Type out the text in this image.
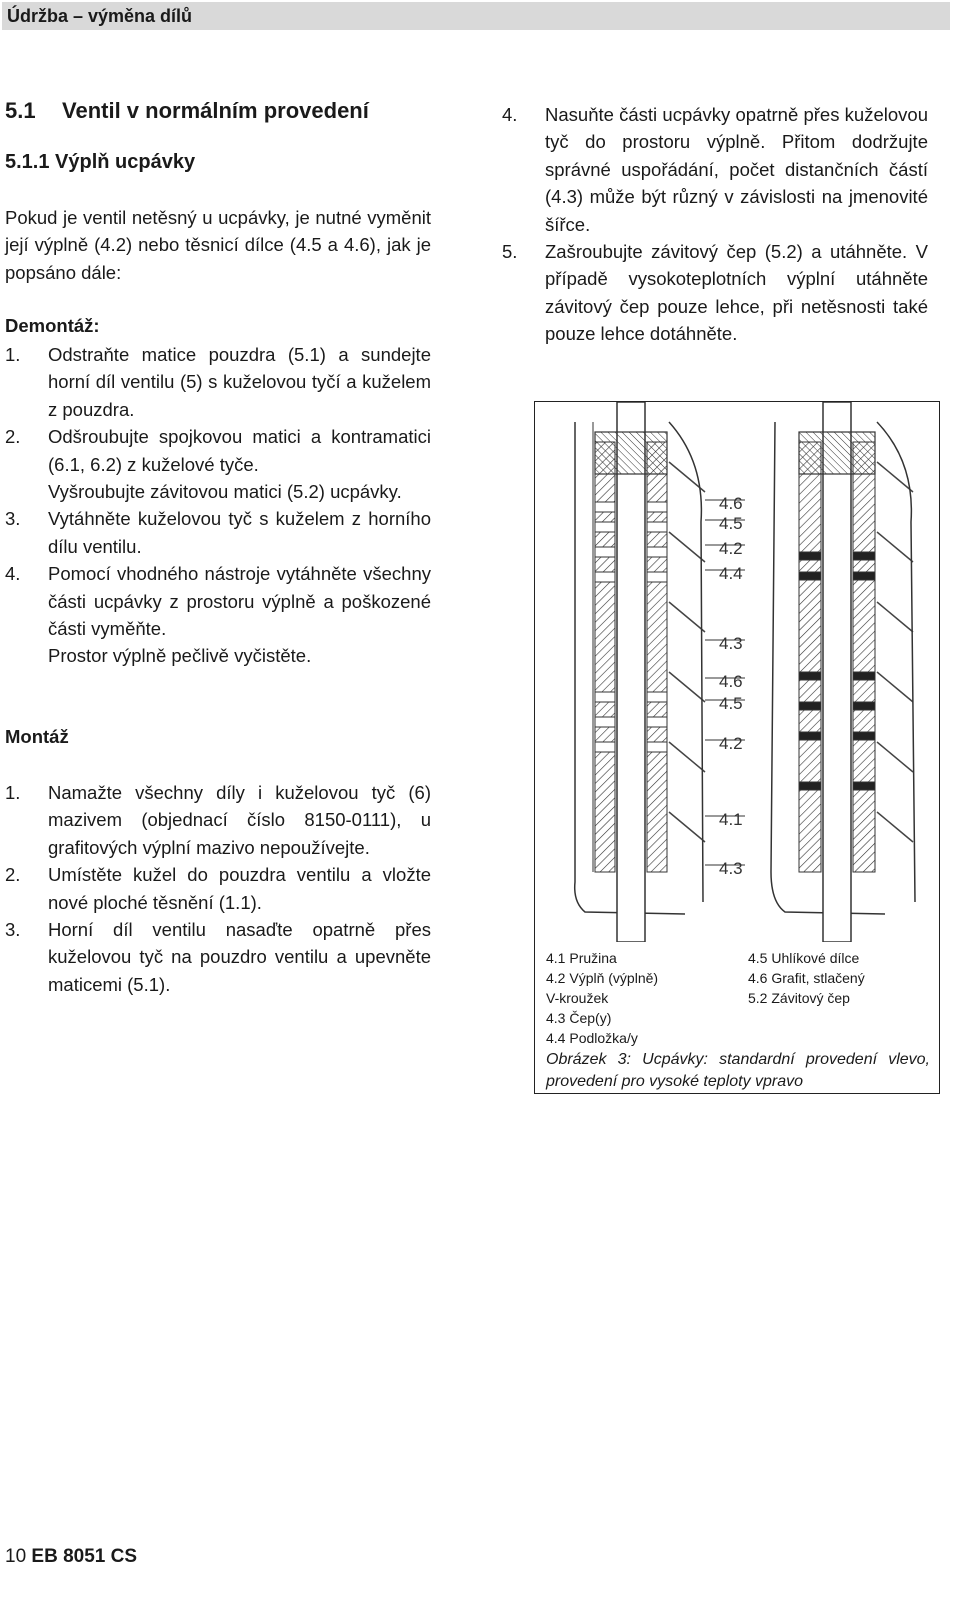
Údržba – výměna dílů
5.1 Ventil v normálním provedení
5.1.1 Výplň ucpávky
Pokud je ventil netěsný u ucpávky, je nutné vyměnit její výplně (4.2) nebo těsnicí dílce (4.5 a 4.6), jak je popsáno dále:
Demontáž:
1. Odstraňte matice pouzdra (5.1) a sundejte horní díl ventilu (5) s kuželovou tyčí a kuželem z pouzdra.
2. Odšroubujte spojkovou matici a kontramatici (6.1, 6.2) z kuželové tyče.
Vyšroubujte závitovou matici (5.2) ucpávky.
3. Vytáhněte kuželovou tyč s kuželem z horního dílu ventilu.
4. Pomocí vhodného nástroje vytáhněte všechny části ucpávky z prostoru výplně a poškozené části vyměňte.
Prostor výplně pečlivě vyčistěte.
Montáž
1. Namažte všechny díly i kuželovou tyč (6) mazivem (objednací číslo 8150-0111), u grafitových výplní mazivo nepoužívejte.
2. Umístěte kužel do pouzdra ventilu a vložte nové ploché těsnění (1.1).
3. Horní díl ventilu nasaďte opatrně přes kuželovou tyč na pouzdro ventilu a upevněte maticemi (5.1).
4. Nasuňte části ucpávky opatrně přes kuželovou tyč do prostoru výplně. Přitom dodržujte správné uspořádání, počet distančních částí (4.3) může být různý v závislosti na jmenovité šířce.
5. Zašroubujte závitový čep (5.2) a utáhněte. V případě vysokoteplotních výplní utáhněte závitový čep pouze lehce, při netěsnosti také pouze lehce dotáhněte.
4.6
4.5
4.2
4.4
4.3
4.6
4.5
4.2
4.1
4.3
4.1 Pružina
4.2 Výplň (výplně)
V-kroužek
4.3 Čep(y)
4.4 Podložka/y
4.5 Uhlíkové dílce
4.6 Grafit, stlačený
5.2 Závitový čep
Obrázek 3: Ucpávky: standardní provedení vlevo, provedení pro vysoké teploty vpravo
10 EB 8051 CS
